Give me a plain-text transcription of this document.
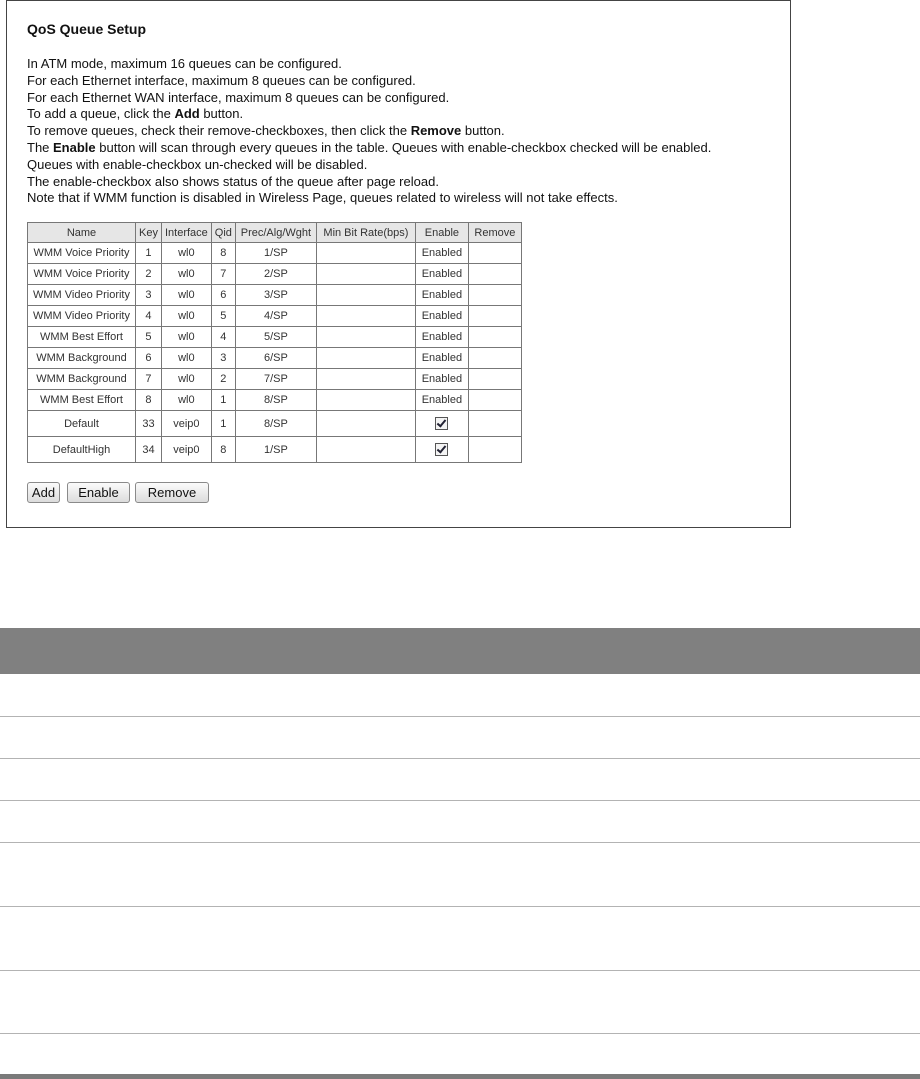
QoS Queue Setup
In ATM mode, maximum 16 queues can be configured.
For each Ethernet interface, maximum 8 queues can be configured.
For each Ethernet WAN interface, maximum 8 queues can be configured.
To add a queue, click the Add button.
To remove queues, check their remove-checkboxes, then click the Remove button.
The Enable button will scan through every queues in the table. Queues with enable-checkbox checked will be enabled.
Queues with enable-checkbox un-checked will be disabled.
The enable-checkbox also shows status of the queue after page reload.
Note that if WMM function is disabled in Wireless Page, queues related to wireless will not take effects.
Name	Key	Interface	Qid	Prec/Alg/Wght	Min Bit Rate(bps)	Enable	Remove
WMM Voice Priority	1	wl0	8	1/SP		Enabled	
WMM Voice Priority	2	wl0	7	2/SP		Enabled	
WMM Video Priority	3	wl0	6	3/SP		Enabled	
WMM Video Priority	4	wl0	5	4/SP		Enabled	
WMM Best Effort	5	wl0	4	5/SP		Enabled	
WMM Background	6	wl0	3	6/SP		Enabled	
WMM Background	7	wl0	2	7/SP		Enabled	
WMM Best Effort	8	wl0	1	8/SP		Enabled	
Default	33	veip0	1	8/SP			
DefaultHigh	34	veip0	8	1/SP			
Add	Enable	Remove
